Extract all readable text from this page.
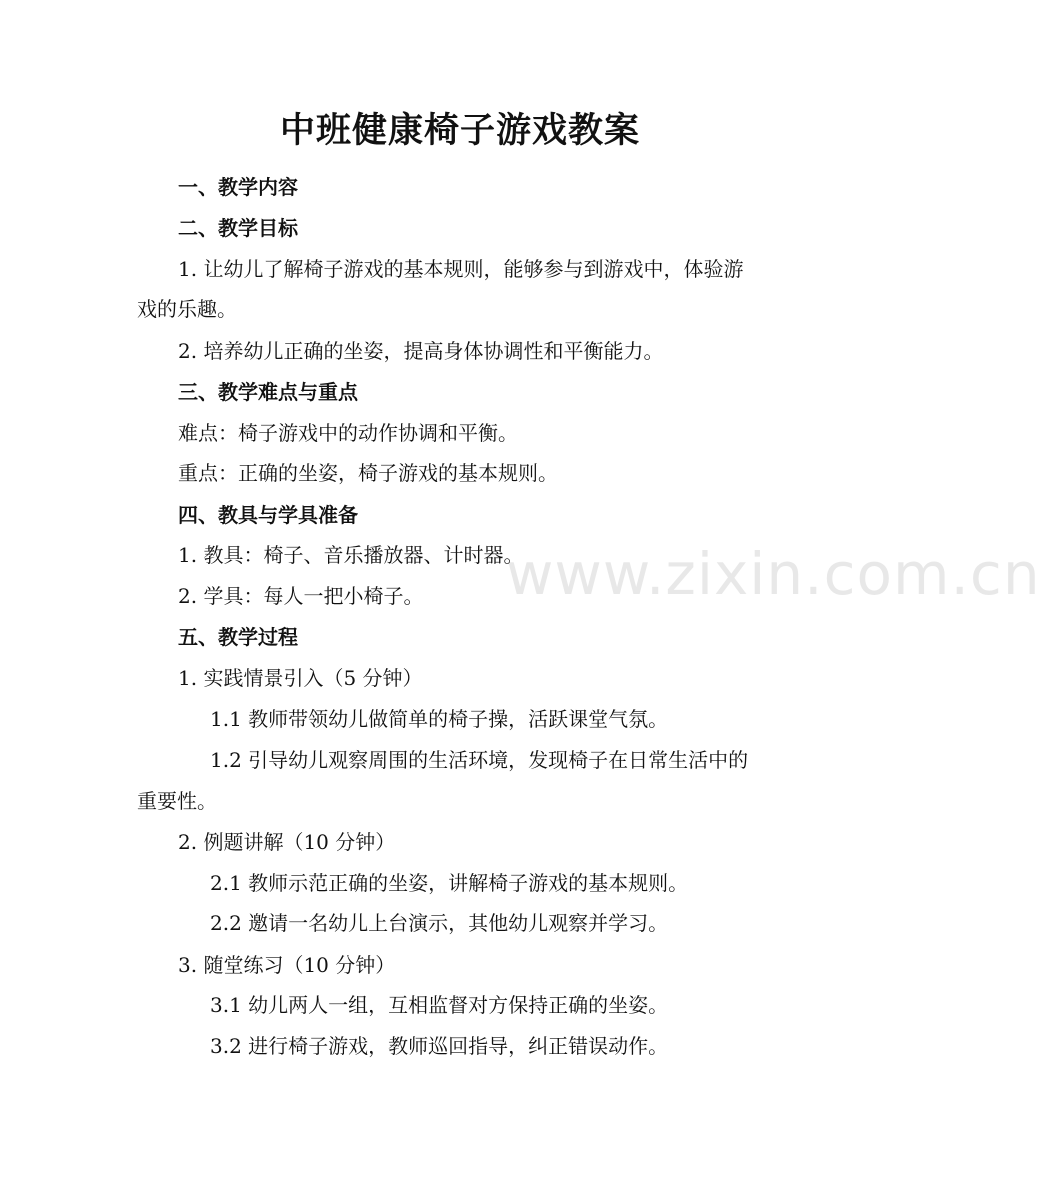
中班健康椅子游戏教案
一、教学内容
二、教学目标
1. 让幼儿了解椅子游戏的基本规则，能够参与到游戏中，体验游
戏的乐趣。
2. 培养幼儿正确的坐姿，提高身体协调性和平衡能力。
三、教学难点与重点
难点：椅子游戏中的动作协调和平衡。
重点：正确的坐姿，椅子游戏的基本规则。
四、教具与学具准备
1. 教具：椅子、音乐播放器、计时器。
2. 学具：每人一把小椅子。
五、教学过程
1. 实践情景引入（5 分钟）
1.1 教师带领幼儿做简单的椅子操，活跃课堂气氛。
1.2 引导幼儿观察周围的生活环境，发现椅子在日常生活中的
重要性。
2. 例题讲解（10 分钟）
2.1 教师示范正确的坐姿，讲解椅子游戏的基本规则。
2.2 邀请一名幼儿上台演示，其他幼儿观察并学习。
3. 随堂练习（10 分钟）
3.1 幼儿两人一组，互相监督对方保持正确的坐姿。
3.2 进行椅子游戏，教师巡回指导，纠正错误动作。
www.zixin.com.cn
